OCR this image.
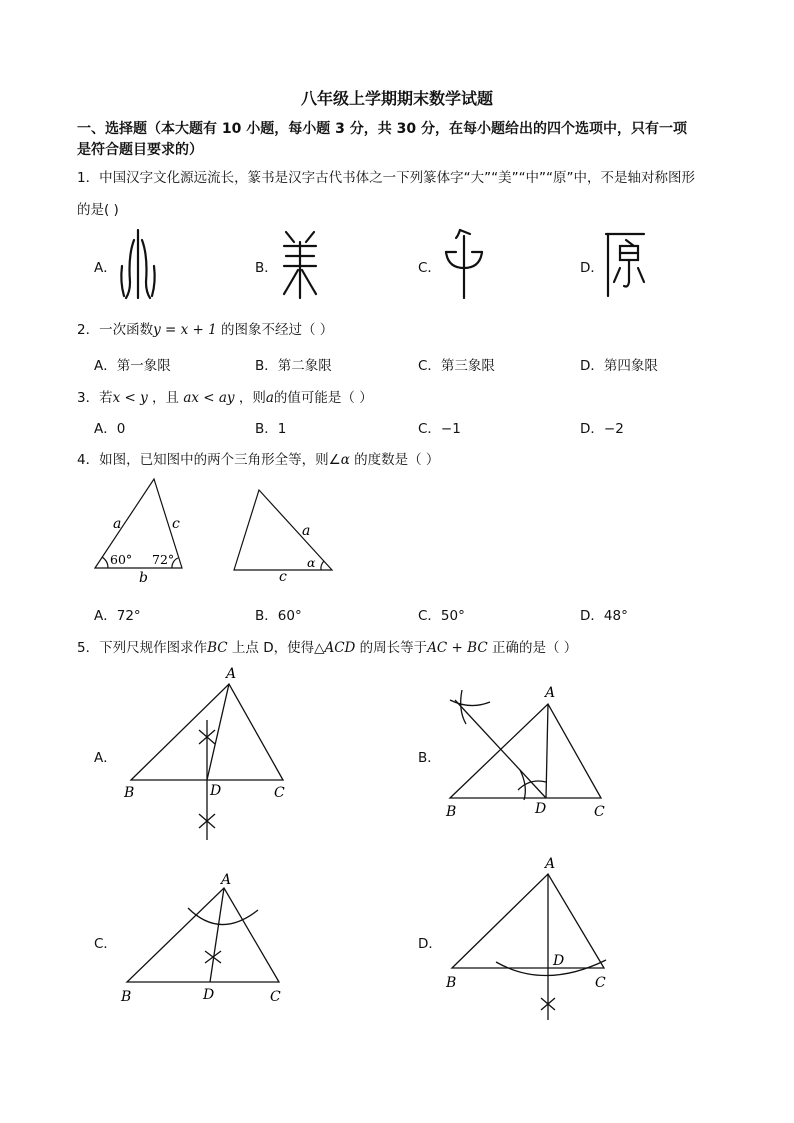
八年级上学期期末数学试题
一、选择题（本大题有 10 小题，每小题 3 分，共 30 分，在每小题给出的四个选项中，只有一项
是符合题目要求的）
1．中国汉字文化源远流长，篆书是汉字古代书体之一下列篆体字“大”“美”“中”“原”中，不是轴对称图形
的是( )
A．	B．	C．	D．
2．一次函数y = x + 1 的图象不经过（ ）
A．第一象限	B．第二象限	C．第三象限	D．第四象限
3．若x < y ，且 ax < ay ，则a的值可能是（ ）
A．0	B．1	C．−1	D．−2
4．如图，已知图中的两个三角形全等，则∠α 的度数是（ ）
a	c
b
60° 72°
a
c
α
A．72°	B．60°	C．50°	D．48°
5．下列尺规作图求作BC 上点 D，使得△ACD 的周长等于AC + BC 正确的是（ ）
A．	B．
C．	D．
A
B	D	C
A
B	D	C
A
B	D	C
A
B
D
C
